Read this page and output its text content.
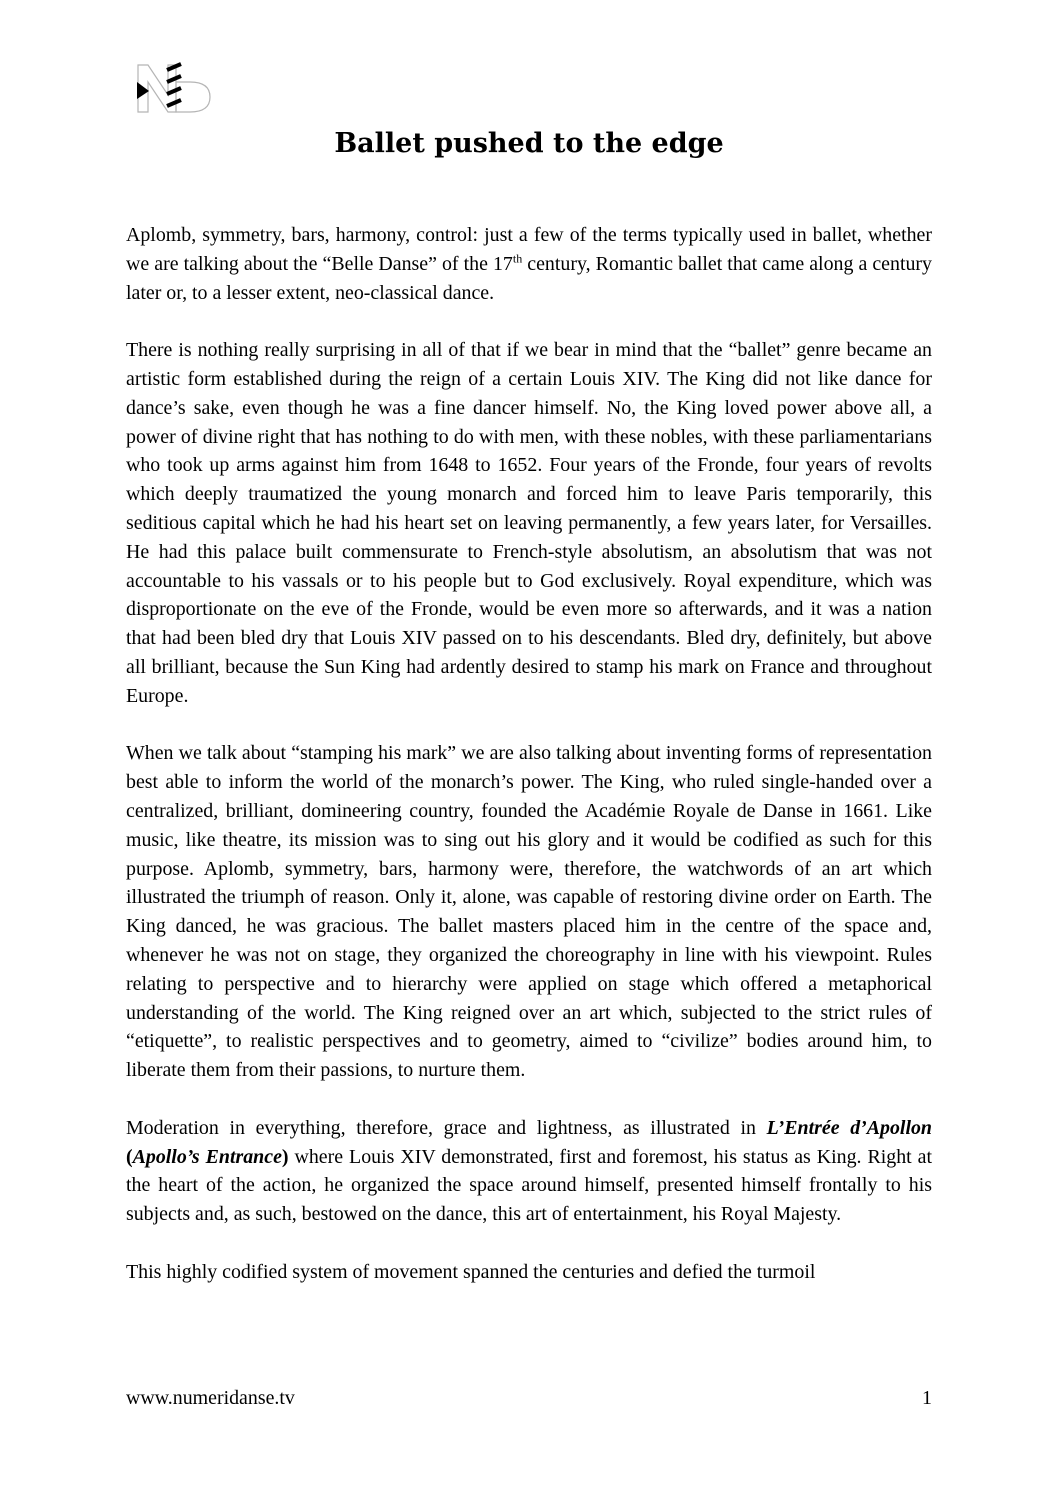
Ballet pushed to the edge

Aplomb, symmetry, bars, harmony, control: just a few of the terms typically used in ballet, whether we are talking about the “Belle Danse” of the 17th century, Romantic ballet that came along a century later or, to a lesser extent, neo-classical dance.

There is nothing really surprising in all of that if we bear in mind that the “ballet” genre became an artistic form established during the reign of a certain Louis XIV. The King did not like dance for dance’s sake, even though he was a fine dancer himself. No, the King loved power above all, a power of divine right that has nothing to do with men, with these nobles, with these parliamentarians who took up arms against him from 1648 to 1652. Four years of the Fronde, four years of revolts which deeply traumatized the young monarch and forced him to leave Paris temporarily, this seditious capital which he had his heart set on leaving permanently, a few years later, for Versailles. He had this palace built commensurate to French-style absolutism, an absolutism that was not accountable to his vassals or to his people but to God exclusively. Royal expenditure, which was disproportionate on the eve of the Fronde, would be even more so afterwards, and it was a nation that had been bled dry that Louis XIV passed on to his descendants. Bled dry, definitely, but above all brilliant, because the Sun King had ardently desired to stamp his mark on France and throughout Europe.

When we talk about “stamping his mark” we are also talking about inventing forms of representation best able to inform the world of the monarch’s power. The King, who ruled single-handed over a centralized, brilliant, domineering country, founded the Académie Royale de Danse in 1661. Like music, like theatre, its mission was to sing out his glory and it would be codified as such for this purpose. Aplomb, symmetry, bars, harmony were, therefore, the watchwords of an art which illustrated the triumph of reason. Only it, alone, was capable of restoring divine order on Earth. The King danced, he was gracious. The ballet masters placed him in the centre of the space and, whenever he was not on stage, they organized the choreography in line with his viewpoint. Rules relating to perspective and to hierarchy were applied on stage which offered a metaphorical understanding of the world. The King reigned over an art which, subjected to the strict rules of “etiquette”, to realistic perspectives and to geometry, aimed to “civilize” bodies around him, to liberate them from their passions, to nurture them.

Moderation in everything, therefore, grace and lightness, as illustrated in L’Entrée d’Apollon (Apollo’s Entrance) where Louis XIV demonstrated, first and foremost, his status as King. Right at the heart of the action, he organized the space around himself, presented himself frontally to his subjects and, as such, bestowed on the dance, this art of entertainment, his Royal Majesty.

This highly codified system of movement spanned the centuries and defied the turmoil

www.numeridanse.tv	1
